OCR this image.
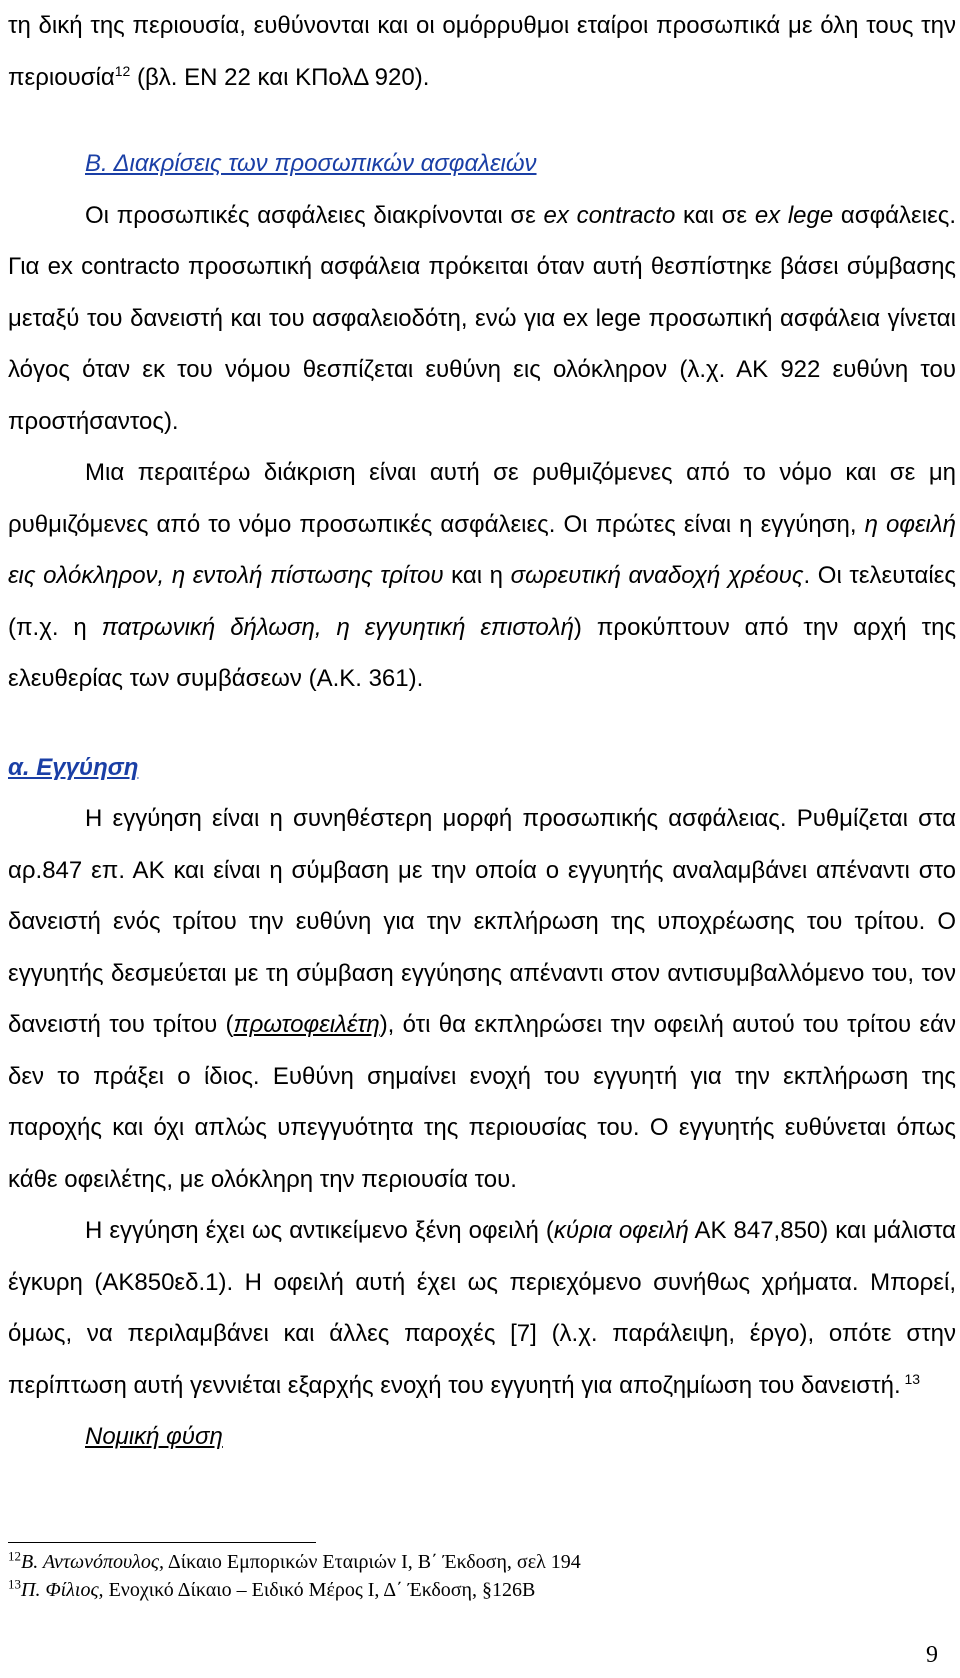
τη δική της περιουσία, ευθύνονται και οι ομόρρυθμοι εταίροι προσωπικά με όλη τους την περιουσία$^{12}$ (βλ. ΕΝ 22 και ΚΠολΔ 920).

Β. Διακρίσεις των προσωπικών ασφαλειών

Οι προσωπικές ασφάλειες διακρίνονται σε ex contracto και σε ex lege ασφάλειες. Για ex contracto προσωπική ασφάλεια πρόκειται όταν αυτή θεσπίστηκε βάσει σύμβασης μεταξύ του δανειστή και του ασφαλειοδότη, ενώ για ex lege προσωπική ασφάλεια γίνεται λόγος όταν εκ του νόμου θεσπίζεται ευθύνη εις ολόκληρον (λ.χ. ΑΚ 922 ευθύνη του προστήσαντος).

Μια περαιτέρω διάκριση είναι αυτή σε ρυθμιζόμενες από το νόμο και σε μη ρυθμιζόμενες από το νόμο προσωπικές ασφάλειες. Οι πρώτες είναι η εγγύηση, η οφειλή εις ολόκληρον, η εντολή πίστωσης τρίτου και η σωρευτική αναδοχή χρέους. Οι τελευταίες (π.χ. η πατρωνική δήλωση, η εγγυητική επιστολή) προκύπτουν από την αρχή της ελευθερίας των συμβάσεων (Α.Κ. 361).

α. Εγγύηση

Η εγγύηση είναι η συνηθέστερη μορφή προσωπικής ασφάλειας. Ρυθμίζεται στα αρ.847 επ. ΑΚ και είναι η σύμβαση με την οποία ο εγγυητής αναλαμβάνει απέναντι στο δανειστή ενός τρίτου την ευθύνη για την εκπλήρωση της υποχρέωσης του τρίτου. Ο εγγυητής δεσμεύεται με τη σύμβαση εγγύησης απέναντι στον αντισυμβαλλόμενο του, τον δανειστή του τρίτου (πρωτοφειλέτη), ότι θα εκπληρώσει την οφειλή αυτού του τρίτου εάν δεν το πράξει ο ίδιος. Ευθύνη σημαίνει ενοχή του εγγυητή για την εκπλήρωση της παροχής και όχι απλώς υπεγγυότητα της περιουσίας του. Ο εγγυητής ευθύνεται όπως κάθε οφειλέτης, με ολόκληρη την περιουσία του.

Η εγγύηση έχει ως αντικείμενο ξένη οφειλή (κύρια οφειλή ΑΚ 847,850) και μάλιστα έγκυρη (ΑΚ850εδ.1). Η οφειλή αυτή έχει ως περιεχόμενο συνήθως χρήματα. Μπορεί, όμως, να περιλαμβάνει και άλλες παροχές [7] (λ.χ. παράλειψη, έργο), οπότε στην περίπτωση αυτή γεννιέται εξαρχής ενοχή του εγγυητή για αποζημίωση του δανειστή. $^{13}$

Νομική φύση

$^{12}$Β. Αντωνόπουλος, Δίκαιο Εμπορικών Εταιριών Ι, Β΄ Έκδοση, σελ 194
$^{13}$Π. Φίλιος, Ενοχικό Δίκαιο – Ειδικό Μέρος Ι, Δ΄ Έκδοση, §126Β
9
